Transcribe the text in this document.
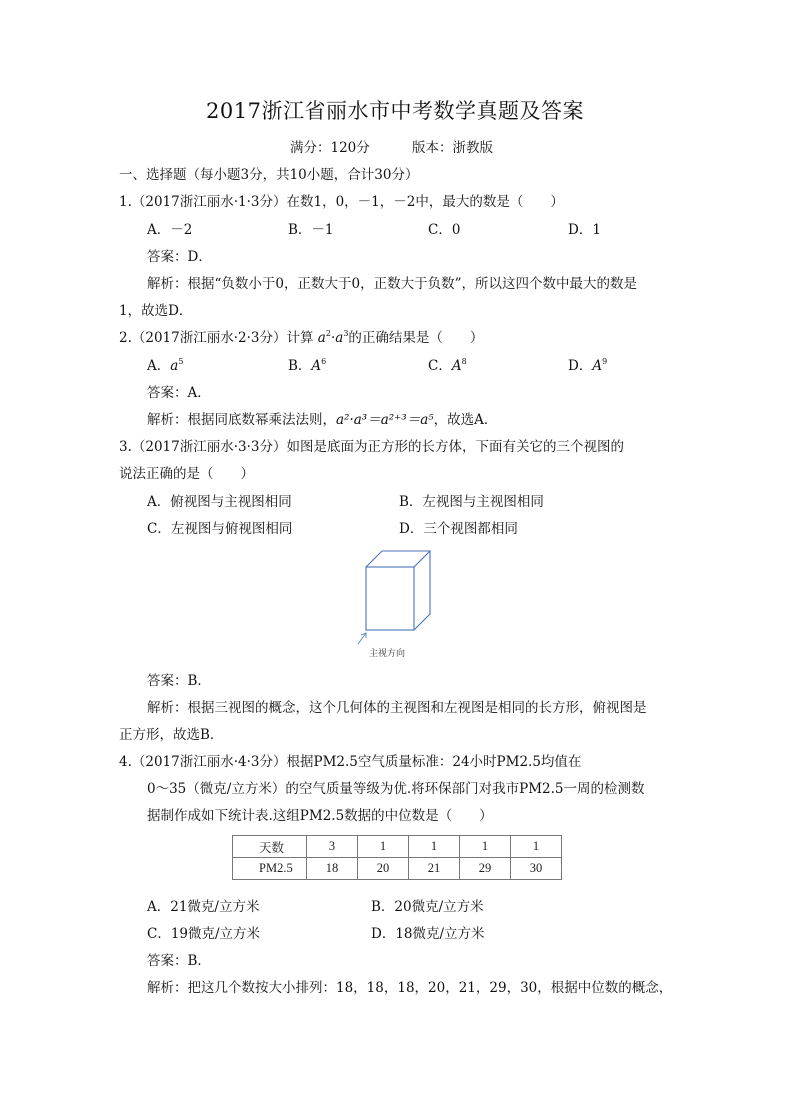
2017浙江省丽水市中考数学真题及答案
满分：120分	版本：浙教版
一、选择题（每小题3分，共10小题，合计30分）
1.（2017浙江丽水·1·3分）在数1，0，－1，－2中，最大的数是（　　）
A．－2	B．－1	C．0	D．1
答案：D．
解析：根据“负数小于0，正数大于0，正数大于负数”，所以这四个数中最大的数是
1，故选D．
2.（2017浙江丽水·2·3分）计算 $a^2\cdot a^3$的正确结果是（　　）
A．$a^5$	B．$A^6$	C．$A^8$	D．$A^9$
答案：A．
解析：根据同底数幂乘法法则，a²·a³＝a²⁺³＝a⁵，故选A．
3.（2017浙江丽水·3·3分）如图是底面为正方形的长方体，下面有关它的三个视图的
说法正确的是（　　）
A．俯视图与主视图相同	B．左视图与主视图相同
C．左视图与俯视图相同	D．三个视图都相同
主视方向
答案：B．
解析：根据三视图的概念，这个几何体的主视图和左视图是相同的长方形，俯视图是
正方形，故选B．
4.（2017浙江丽水·4·3分）根据PM2.5空气质量标准：24小时PM2.5均值在
0～35（微克/立方米）的空气质量等级为优.将环保部门对我市PM2.5一周的检测数
据制作成如下统计表.这组PM2.5数据的中位数是（　　）
天数	3	1	1	1	1
PM2.5	18	20	21	29	30
A．21微克/立方米	B．20微克/立方米
C．19微克/立方米	D．18微克/立方米
答案：B．
解析：把这几个数按大小排列：18，18，18，20，21，29，30，根据中位数的概念，
